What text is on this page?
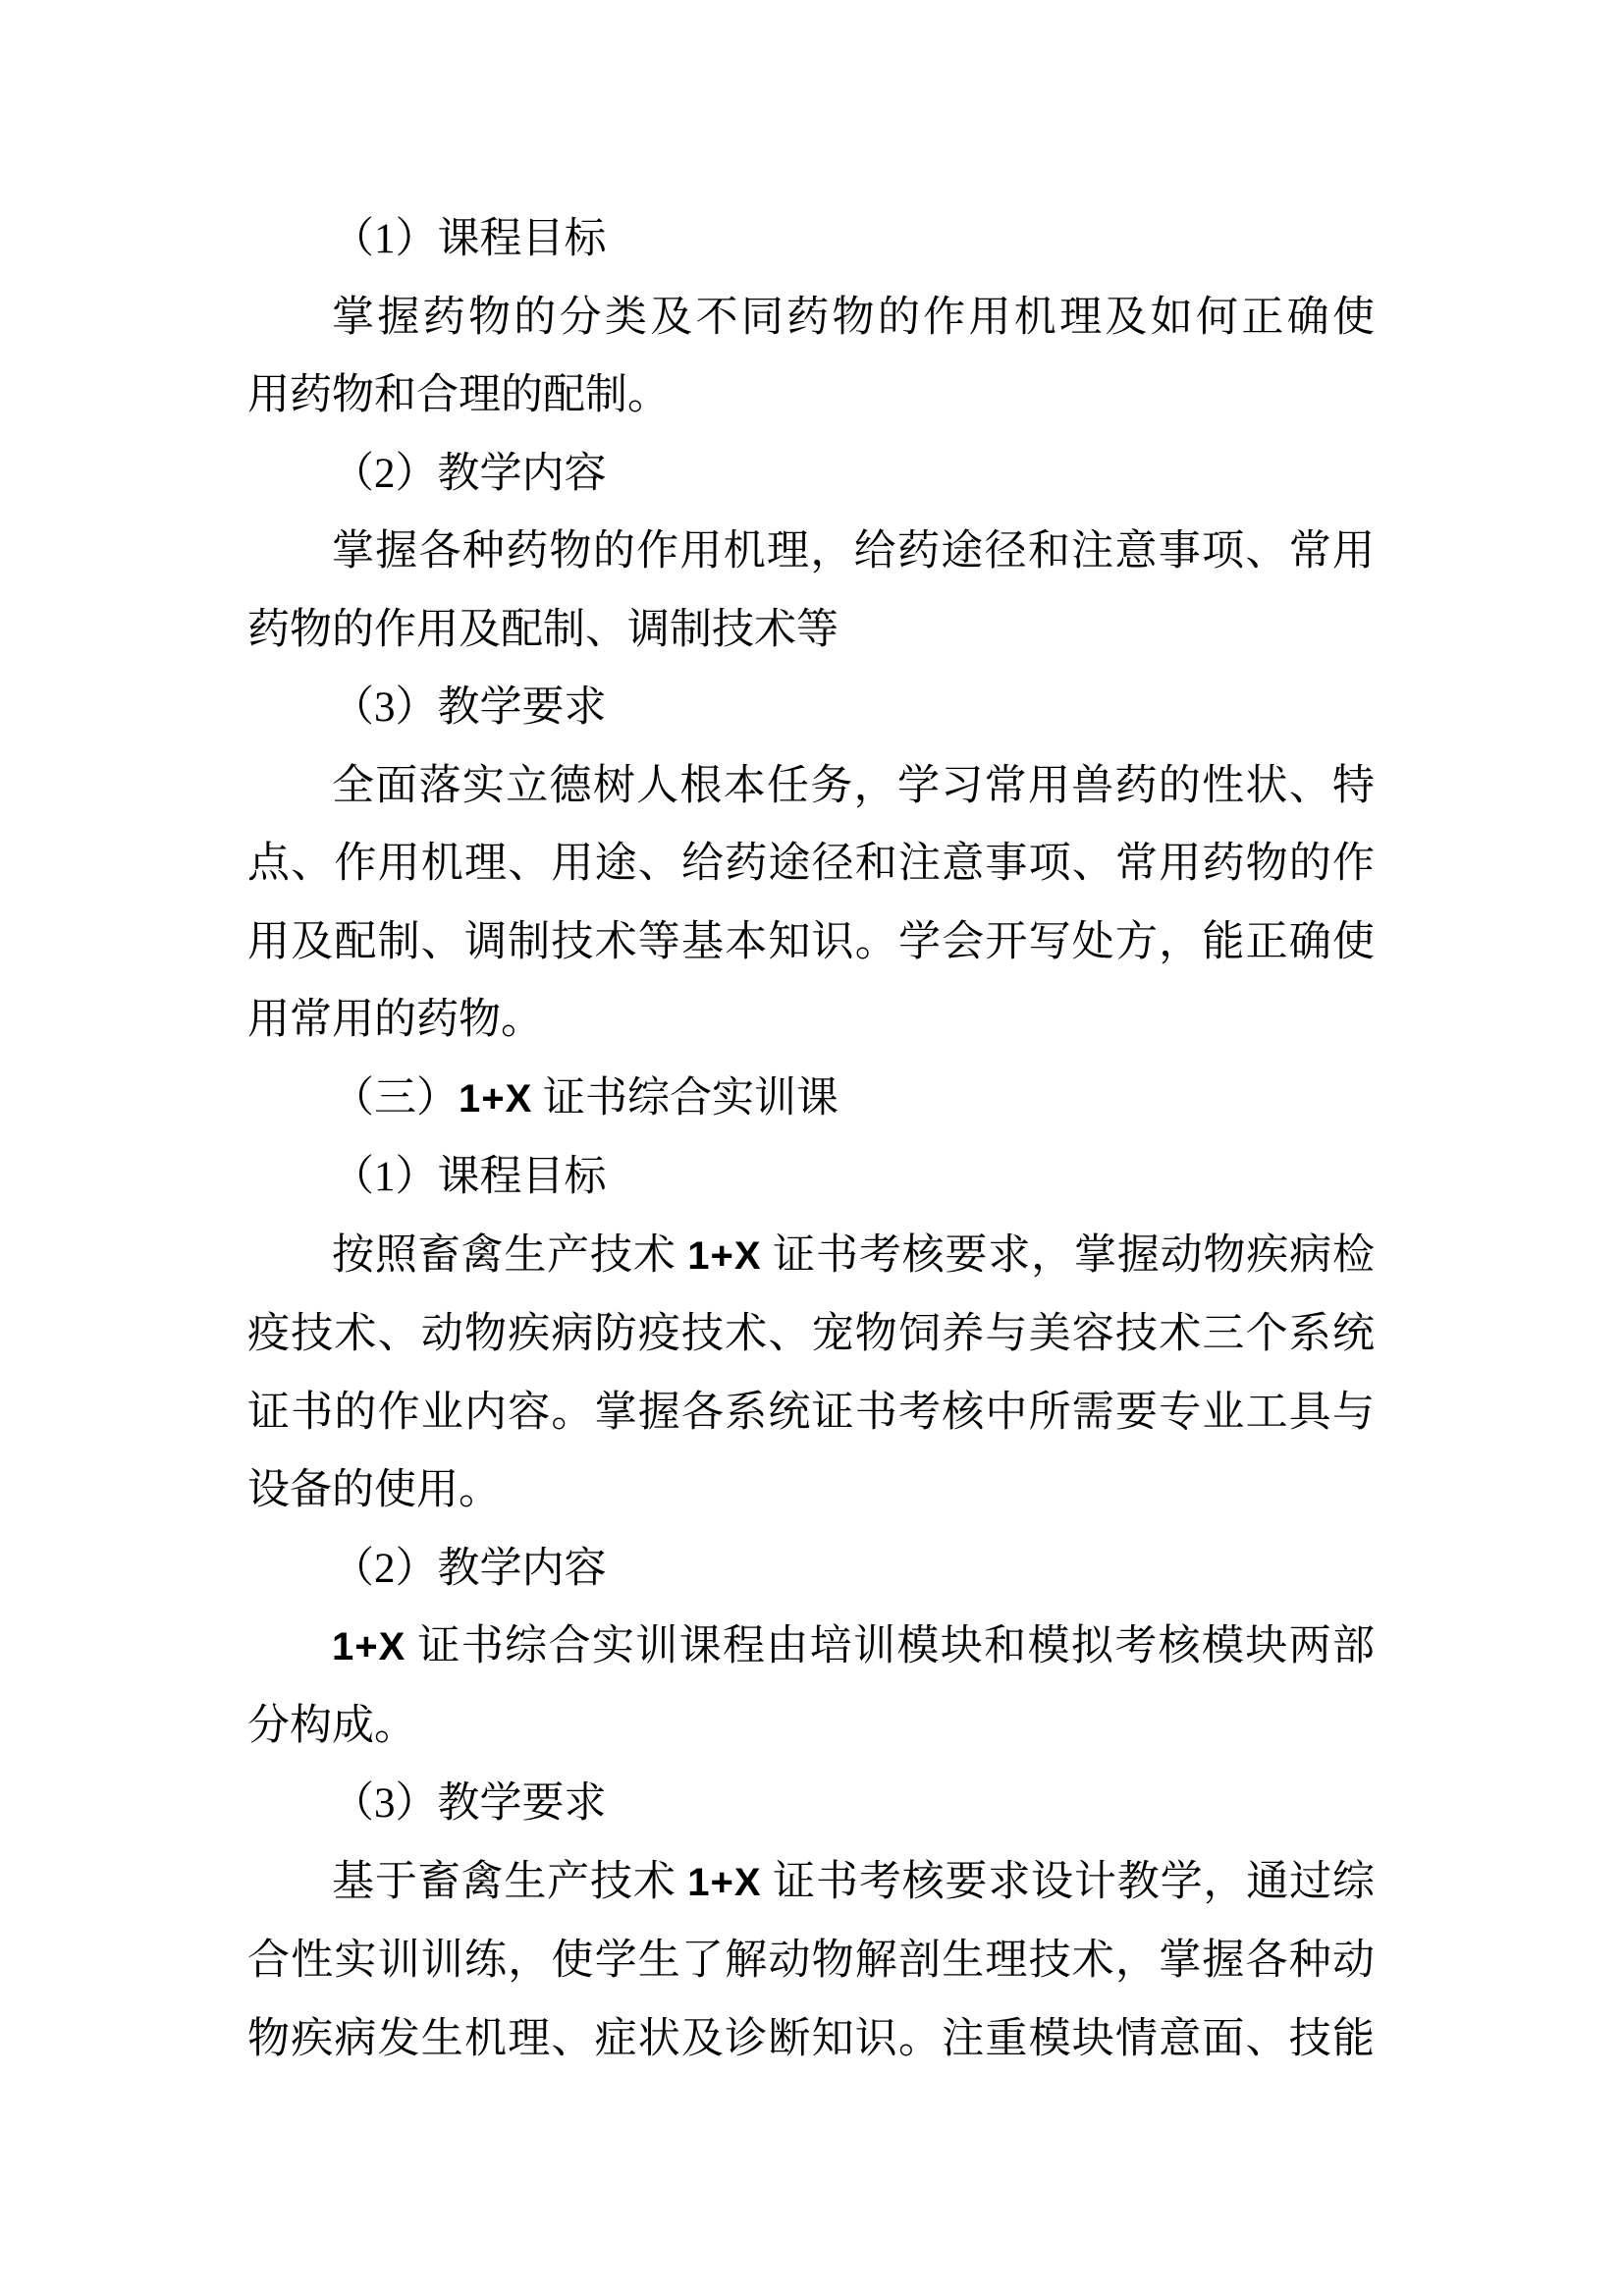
（1）课程目标
掌握药物的分类及不同药物的作用机理及如何正确使
用药物和合理的配制。
（2）教学内容
掌握各种药物的作用机理，给药途径和注意事项、常用
药物的作用及配制、调制技术等
（3）教学要求
全面落实立德树人根本任务，学习常用兽药的性状、特
点、作用机理、用途、给药途径和注意事项、常用药物的作
用及配制、调制技术等基本知识。学会开写处方，能正确使
用常用的药物。
（三）1+X 证书综合实训课
（1）课程目标
按照畜禽生产技术 1+X 证书考核要求，掌握动物疾病检
疫技术、动物疾病防疫技术、宠物饲养与美容技术三个系统
证书的作业内容。掌握各系统证书考核中所需要专业工具与
设备的使用。
（2）教学内容
1+X 证书综合实训课程由培训模块和模拟考核模块两部
分构成。
（3）教学要求
基于畜禽生产技术 1+X 证书考核要求设计教学，通过综
合性实训训练，使学生了解动物解剖生理技术，掌握各种动
物疾病发生机理、症状及诊断知识。注重模块情意面、技能
